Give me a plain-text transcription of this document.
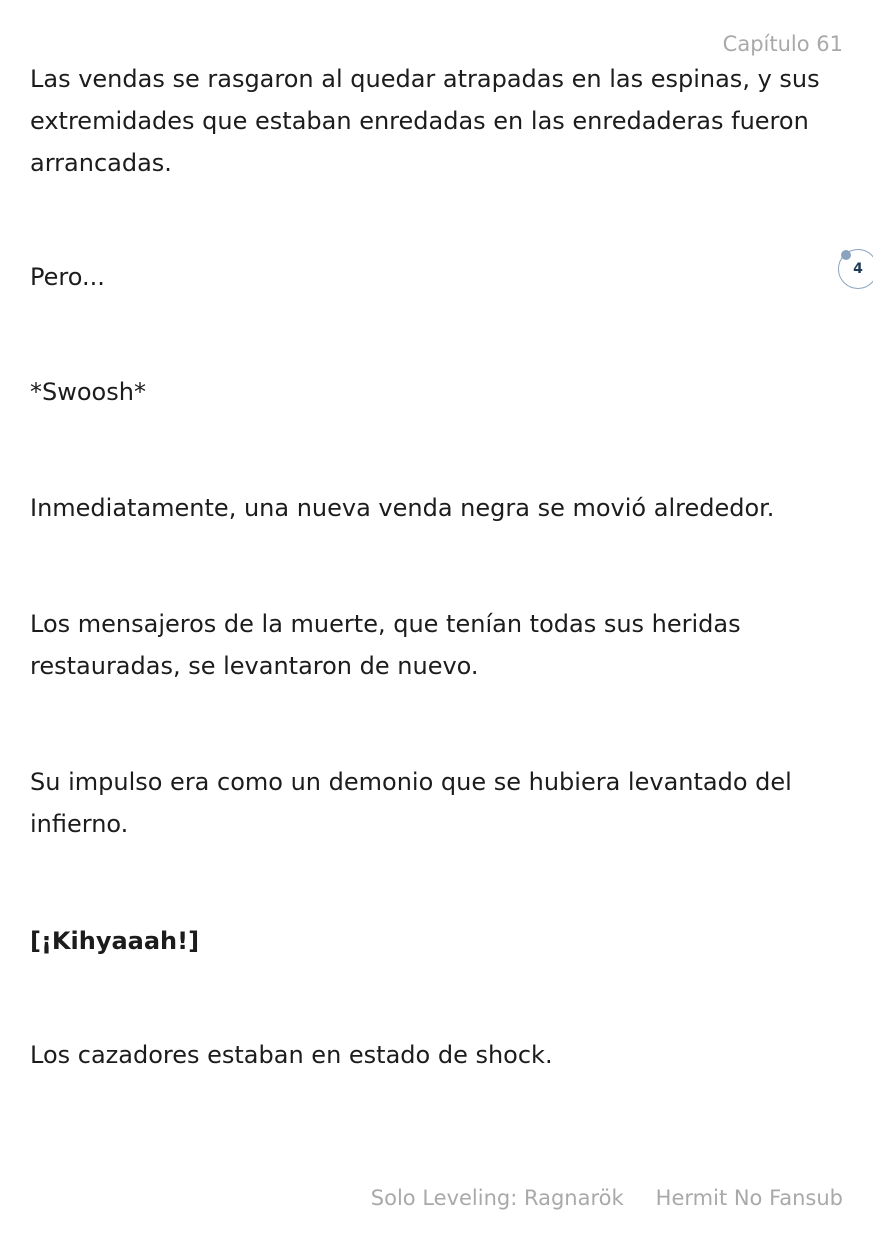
Capítulo 61

Las vendas se rasgaron al quedar atrapadas en las espinas, y sus extremidades que estaban enredadas en las enredaderas fueron arrancadas.

Pero...

*Swoosh*

Inmediatamente, una nueva venda negra se movió alrededor.

Los mensajeros de la muerte, que tenían todas sus heridas restauradas, se levantaron de nuevo.

Su impulso era como un demonio que se hubiera levantado del infierno.

[¡Kihyaaah!]

Los cazadores estaban en estado de shock.

4
Solo Leveling: Ragnarök Hermit No Fansub
